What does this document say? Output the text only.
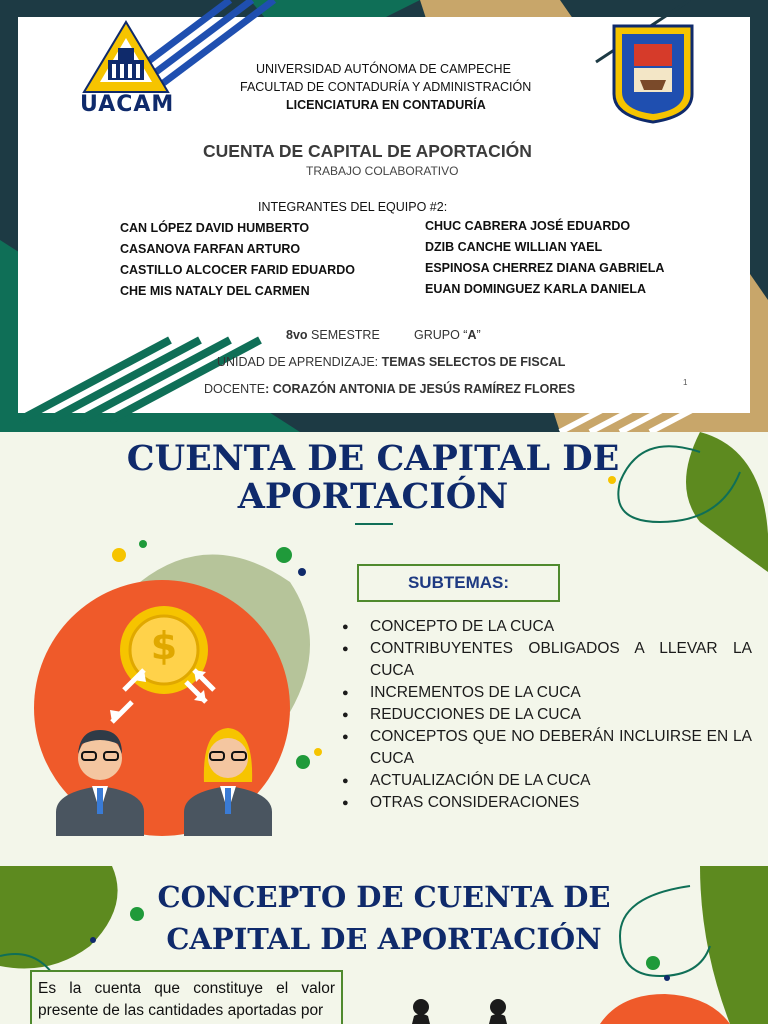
UACAM
UNIVERSIDAD AUTÓNOMA DE CAMPECHE
FACULTAD DE CONTADURÍA Y ADMINISTRACIÓN
LICENCIATURA EN CONTADURÍA
CUENTA DE CAPITAL DE APORTACIÓN
TRABAJO COLABORATIVO
INTEGRANTES DEL EQUIPO #2:
CAN LÓPEZ DAVID HUMBERTO
CASANOVA FARFAN ARTURO
CASTILLO ALCOCER FARID EDUARDO
CHE MIS NATALY DEL CARMEN
CHUC CABRERA JOSÉ EDUARDO
DZIB CANCHE WILLIAN YAEL
ESPINOSA CHERREZ DIANA GABRIELA
EUAN DOMINGUEZ KARLA DANIELA
8vo SEMESTRE	GRUPO “A”
UNIDAD DE APRENDIZAJE: TEMAS SELECTOS DE FISCAL
DOCENTE: CORAZÓN ANTONIA DE JESÚS RAMÍREZ FLORES	1
CUENTA DE CAPITAL DE
APORTACIÓN
$
SUBTEMAS:
● CONCEPTO DE LA CUCA
● CONTRIBUYENTES OBLIGADOS A LLEVAR LA CUCA
● INCREMENTOS DE LA CUCA
● REDUCCIONES DE LA CUCA
● CONCEPTOS QUE NO DEBERÁN INCLUIRSE EN LA CUCA
● ACTUALIZACIÓN DE LA CUCA
● OTRAS CONSIDERACIONES
CONCEPTO DE CUENTA DE
CAPITAL DE APORTACIÓN
Es la cuenta que constituye el valor presente de las cantidades aportadas por
